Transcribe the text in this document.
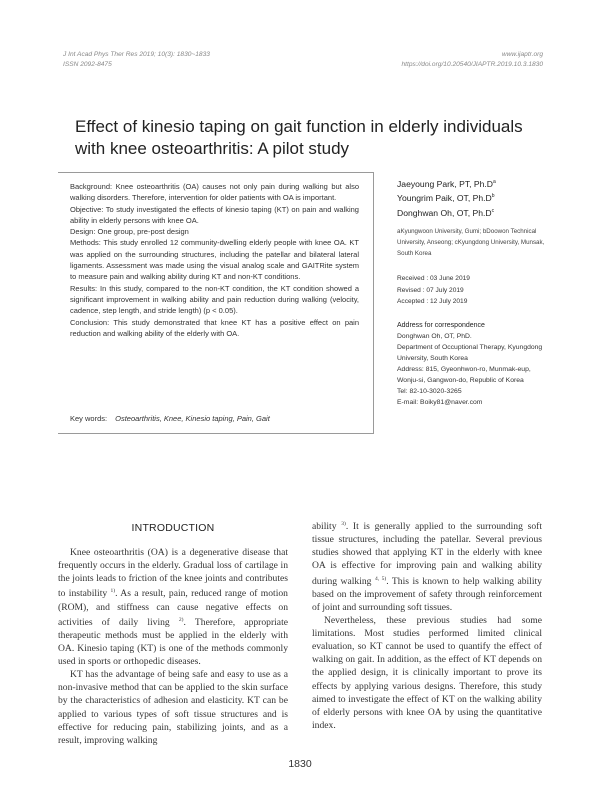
J Int Acad Phys Ther Res 2019; 10(3): 1830~1833
ISSN 2092-8475
www.ijaptr.org
https://doi.org/10.20540/JIAPTR.2019.10.3.1830
Effect of kinesio taping on gait function in elderly individuals with knee osteoarthritis: A pilot study

Background: Knee osteoarthritis (OA) causes not only pain during walking but also walking disorders. Therefore, intervention for older patients with OA is important.

Objective: To study investigated the effects of kinesio taping (KT) on pain and walking ability in elderly persons with knee OA.

Design: One group, pre-post design

Methods: This study enrolled 12 community-dwelling elderly people with knee OA. KT was applied on the surrounding structures, including the patellar and bilateral lateral ligaments. Assessment was made using the visual analog scale and GAITRite system to measure pain and walking ability during KT and non-KT conditions.

Results: In this study, compared to the non-KT condition, the KT condition showed a significant improvement in walking ability and pain reduction during walking (velocity, cadence, step length, and stride length) (p < 0.05).

Conclusion: This study demonstrated that knee KT has a positive effect on pain reduction and walking ability of the elderly with OA.

Key words: Osteoarthritis, Knee, Kinesio taping, Pain, Gait
Jaeyoung Park, PT, $Ph.D^a$
Youngrim Paik, OT, $Ph.D^b$
Donghwan Oh, OT, $Ph.D^c$
aKyungwoon University, Gumi; bDoowon Technical University, Anseong; cKyungdong University, Munsak, South Korea
Received : 03 June 2019
Revised : 07 July 2019
Accepted : 12 July 2019
Address for correspondence
Donghwan Oh, OT, PhD.
Department of Occuptional Therapy, Kyungdong University, South Korea
Address: 815, Gyeonhwon-ro, Munmak-eup, Wonju-si, Gangwon-do, Republic of Korea
Tel: 82-10-3020-3265
E-mail: Boiky81@naver.com
INTRODUCTION

Knee osteoarthritis (OA) is a degenerative disease that frequently occurs in the elderly. Gradual loss of cartilage in the joints leads to friction of the knee joints and contributes to instability $^{1)}$. As a result, pain, reduced range of motion (ROM), and stiffness can cause negative effects on activities of daily living $^{2)}$. Therefore, appropriate therapeutic methods must be applied in the elderly with OA. Kinesio taping (KT) is one of the methods commonly used in sports or orthopedic diseases.

KT has the advantage of being safe and easy to use as a non-invasive method that can be applied to the skin surface by the characteristics of adhesion and elasticity. KT can be applied to various types of soft tissue structures and is effective for reducing pain, stabilizing joints, and as a result, improving walking

ability $^{3)}$. It is generally applied to the surrounding soft tissue structures, including the patellar. Several previous studies showed that applying KT in the elderly with knee OA is effective for improving pain and walking ability during walking $^{4, 5)}$. This is known to help walking ability based on the improvement of safety through reinforcement of joint and surrounding soft tissues.

Nevertheless, these previous studies had some limitations. Most studies performed limited clinical evaluation, so KT cannot be used to quantify the effect of walking on gait. In addition, as the effect of KT depends on the applied design, it is clinically important to prove its effects by applying various designs. Therefore, this study aimed to investigate the effect of KT on the walking ability of elderly persons with knee OA by using the quantitative index.

1830
